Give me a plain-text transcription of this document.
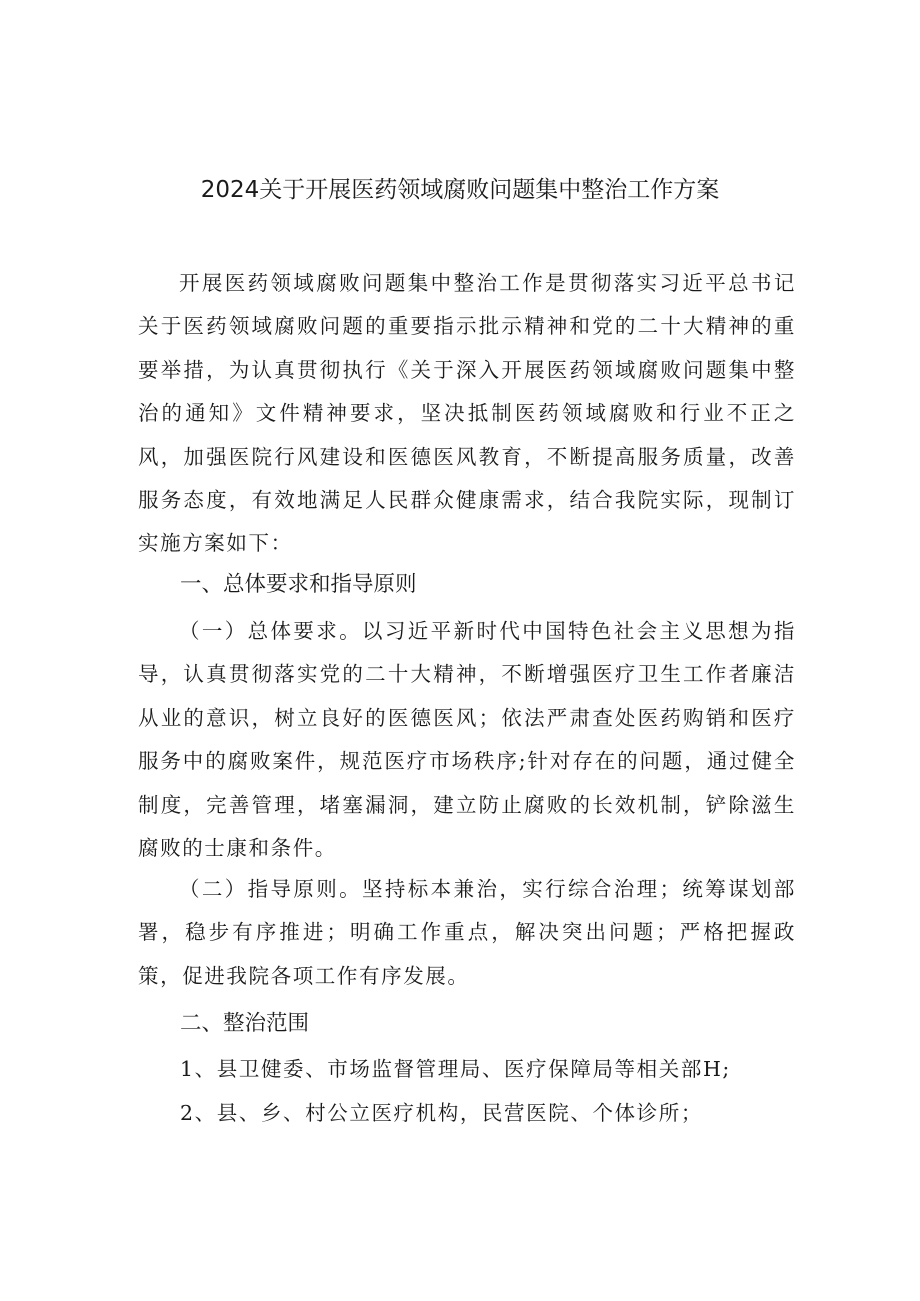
2024关于开展医药领域腐败问题集中整治工作方案

开展医药领域腐败问题集中整治工作是贯彻落实习近平总书记关于医药领域腐败问题的重要指示批示精神和党的二十大精神的重要举措，为认真贯彻执行《关于深入开展医药领域腐败问题集中整治的通知》文件精神要求，坚决抵制医药领域腐败和行业不正之风，加强医院行风建设和医德医风教育，不断提高服务质量，改善服务态度，有效地满足人民群众健康需求，结合我院实际，现制订实施方案如下：

一、总体要求和指导原则

（一）总体要求。以习近平新时代中国特色社会主义思想为指导，认真贯彻落实党的二十大精神，不断增强医疗卫生工作者廉洁从业的意识，树立良好的医德医风；依法严肃查处医药购销和医疗服务中的腐败案件，规范医疗市场秩序;针对存在的问题，通过健全制度，完善管理，堵塞漏洞，建立防止腐败的长效机制，铲除滋生腐败的士康和条件。

（二）指导原则。坚持标本兼治，实行综合治理；统筹谋划部署，稳步有序推进；明确工作重点，解决突出问题；严格把握政策，促进我院各项工作有序发展。

二、整治范围

1、县卫健委、市场监督管理局、医疗保障局等相关部H;

2、县、乡、村公立医疗机构，民营医院、个体诊所；
